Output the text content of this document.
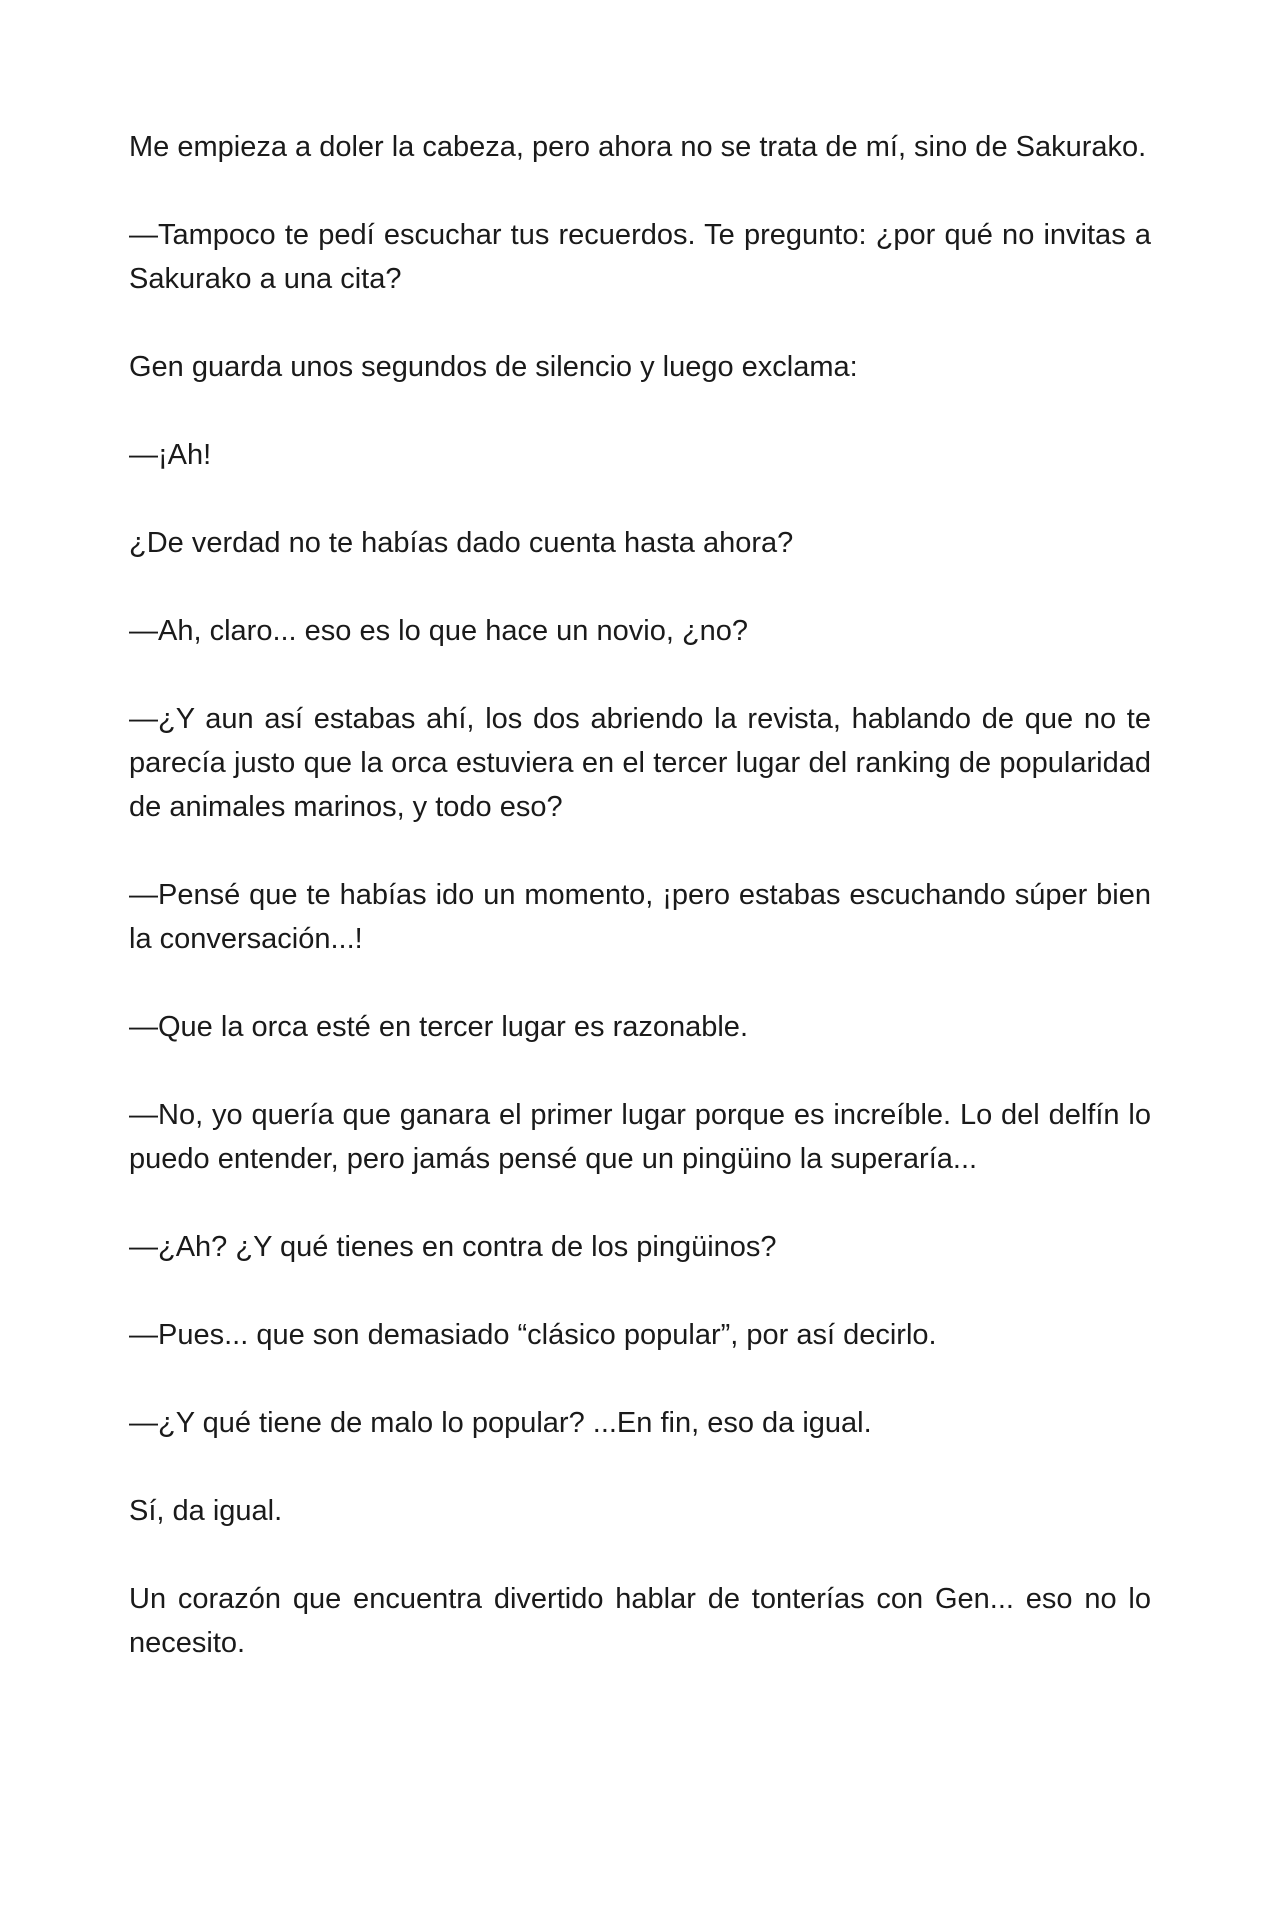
Me empieza a doler la cabeza, pero ahora no se trata de mí, sino de Sakurako.

—Tampoco te pedí escuchar tus recuerdos. Te pregunto: ¿por qué no invitas a Sakurako a una cita?

Gen guarda unos segundos de silencio y luego exclama:

—¡Ah!

¿De verdad no te habías dado cuenta hasta ahora?

—Ah, claro... eso es lo que hace un novio, ¿no?

—¿Y aun así estabas ahí, los dos abriendo la revista, hablando de que no te parecía justo que la orca estuviera en el tercer lugar del ranking de popularidad de animales marinos, y todo eso?

—Pensé que te habías ido un momento, ¡pero estabas escuchando súper bien la conversación...!

—Que la orca esté en tercer lugar es razonable.

—No, yo quería que ganara el primer lugar porque es increíble. Lo del delfín lo puedo entender, pero jamás pensé que un pingüino la superaría...

—¿Ah? ¿Y qué tienes en contra de los pingüinos?

—Pues... que son demasiado “clásico popular”, por así decirlo.

—¿Y qué tiene de malo lo popular? ...En fin, eso da igual.

Sí, da igual.

Un corazón que encuentra divertido hablar de tonterías con Gen... eso no lo necesito.
